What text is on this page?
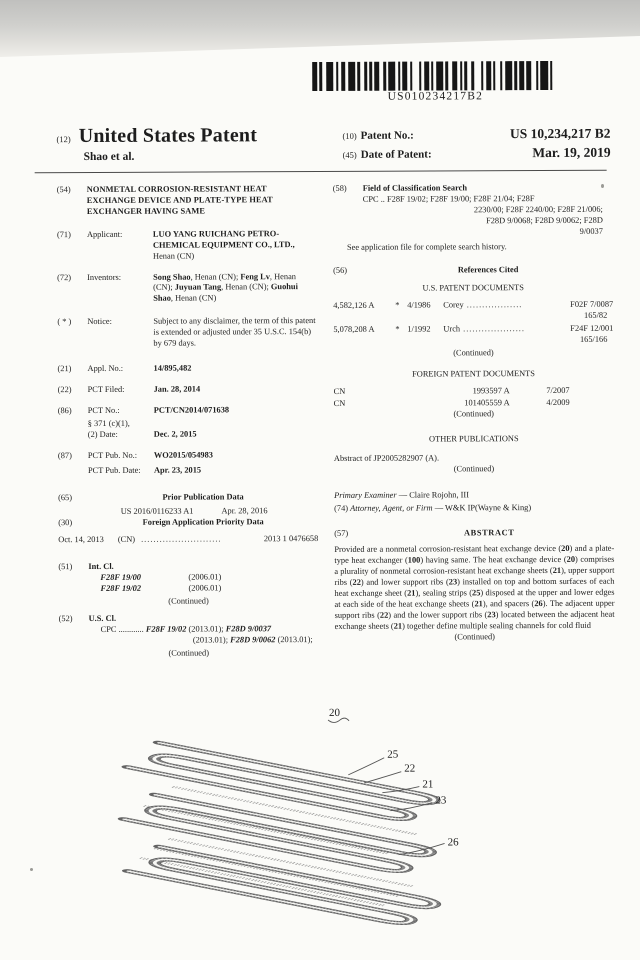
US010234217B2
(12) United States Patent
Shao et al.
(10) Patent No.:	US 10,234,217 B2
(45) Date of Patent:	Mar. 19, 2019
(54)	NONMETAL CORROSION-RESISTANT HEAT EXCHANGE DEVICE AND PLATE-TYPE HEAT EXCHANGER HAVING SAME
(71)	Applicant:	LUO YANG RUICHANG PETRO-CHEMICAL EQUIPMENT CO., LTD., Henan (CN)
(72)	Inventors:	Song Shao, Henan (CN); Feng Lv, Henan (CN); Juyuan Tang, Henan (CN); Guohui Shao, Henan (CN)
( * )	Notice:	Subject to any disclaimer, the term of this patent is extended or adjusted under 35 U.S.C. 154(b) by 679 days.
(21)	Appl. No.:	14/895,482
(22)	PCT Filed:	Jan. 28, 2014
(86)	PCT No.:	PCT/CN2014/071638
§ 371 (c)(1),
(2) Date:	Dec. 2, 2015
(87)	PCT Pub. No.:	WO2015/054983
PCT Pub. Date:	Apr. 23, 2015
(65)	Prior Publication Data
US 2016/0116233 A1	Apr. 28, 2016
(30)	Foreign Application Priority Data
Oct. 14, 2013 (CN) ..........................	2013 1 0476658
(51)	Int. Cl.
F28F 19/00	(2006.01)
F28F 19/02	(2006.01)
(Continued)
(52)	U.S. Cl.
CPC ............ F28F 19/02 (2013.01); F28D 9/0037
(2013.01); F28D 9/0062 (2013.01);
(Continued)
(58)	Field of Classification Search
CPC .. F28F 19/02; F28F 19/00; F28F 21/04; F28F
2230/00; F28F 2240/00; F28F 21/006;
F28D 9/0068; F28D 9/0062; F28D
9/0037
See application file for complete search history.
(56)	References Cited
U.S. PATENT DOCUMENTS
4,582,126 A	* 4/1986	Corey ..................	F02F 7/0087
165/82
5,078,208 A	* 1/1992	Urch ....................	F24F 12/001
165/166
(Continued)
FOREIGN PATENT DOCUMENTS
CN	1993597 A	7/2007
CN	101405559 A	4/2009
(Continued)
OTHER PUBLICATIONS
Abstract of JP2005282907 (A).
(Continued)
Primary Examiner — Claire Rojohn, III
(74) Attorney, Agent, or Firm — W&K IP(Wayne & King)
(57)	ABSTRACT
Provided are a nonmetal corrosion-resistant heat exchange device (20) and a plate-type heat exchanger (100) having same. The heat exchange device (20) comprises a plurality of nonmetal corrosion-resistant heat exchange sheets (21), upper support ribs (22) and lower support ribs (23) installed on top and bottom surfaces of each heat exchange sheet (21), sealing strips (25) disposed at the upper and lower edges at each side of the heat exchange sheets (21), and spacers (26). The adjacent upper support ribs (22) and the lower support ribs (23) located between the adjacent heat exchange sheets (21) together define multiple sealing channels for cold fluid
(Continued)
20
25
22
21
23
26
